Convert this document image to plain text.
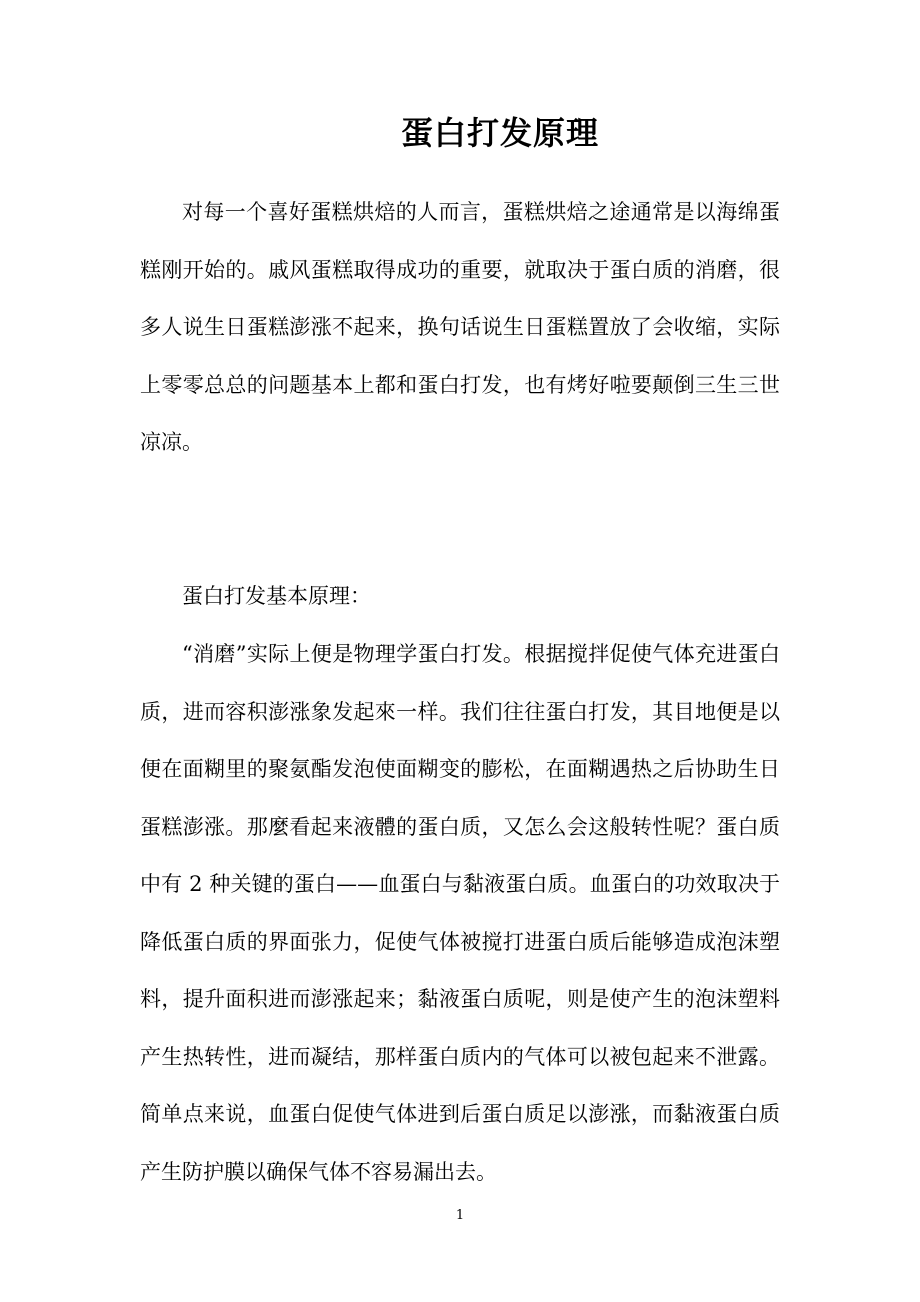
蛋白打发原理

对每一个喜好蛋糕烘焙的人而言，蛋糕烘焙之途通常是以海绵蛋糕刚开始的。戚风蛋糕取得成功的重要，就取决于蛋白质的消磨，很多人说生日蛋糕澎涨不起来，换句话说生日蛋糕置放了会收缩，实际上零零总总的问题基本上都和蛋白打发，也有烤好啦要颠倒三生三世凉凉。

蛋白打发基本原理：

“消磨”实际上便是物理学蛋白打发。根据搅拌促使气体充进蛋白质，进而容积澎涨象发起來一样。我们往往蛋白打发，其目地便是以便在面糊里的聚氨酯发泡使面糊变的膨松，在面糊遇热之后协助生日蛋糕澎涨。那麼看起来液體的蛋白质，又怎么会这般转性呢？蛋白质中有 2 种关键的蛋白——血蛋白与黏液蛋白质。血蛋白的功效取决于降低蛋白质的界面张力，促使气体被搅打进蛋白质后能够造成泡沫塑料，提升面积进而澎涨起来；黏液蛋白质呢，则是使产生的泡沫塑料产生热转性，进而凝结，那样蛋白质内的气体可以被包起来不泄露。简单点来说，血蛋白促使气体进到后蛋白质足以澎涨，而黏液蛋白质产生防护膜以确保气体不容易漏出去。

1
